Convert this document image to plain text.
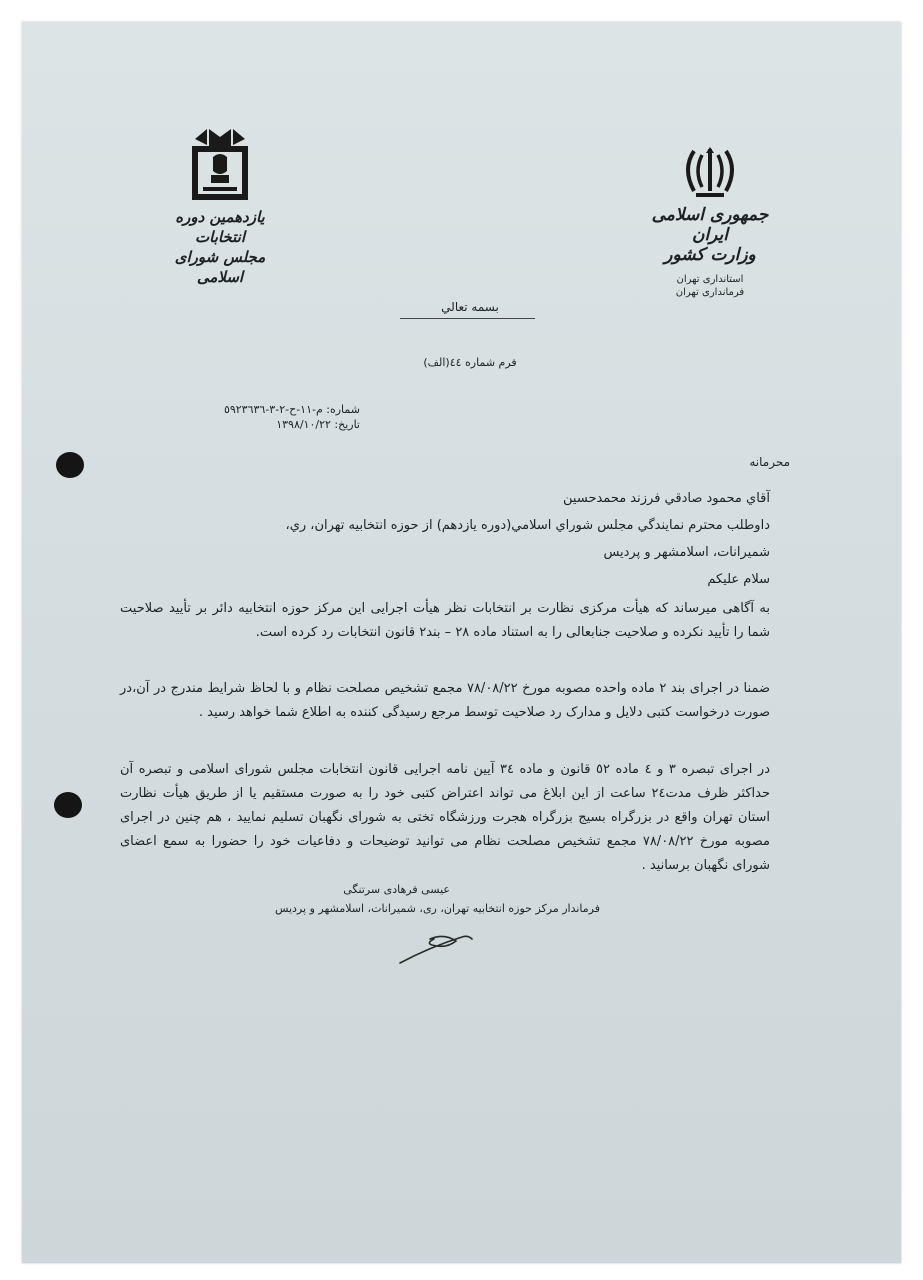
یازدهمین دوره انتخابات
مجلس شورای اسلامی
جمهوری اسلامی ایران
وزارت کشور
استانداری تهران
فرمانداری تهران
بسمه تعالي
فرم شماره ٤٤(الف)
شماره: م-١١-ح-٢-٣-٥٩٢٣٦٣٦
تاریخ: ١٣٩٨/١٠/٢٢
محرمانه
آقاي محمود صادقي فرزند محمدحسين
داوطلب محترم نمايندگي مجلس شوراي اسلامي(دوره يازدهم) از حوزه انتخابيه تهران، ري،
شميرانات، اسلامشهر و پرديس
سلام عليكم
به آگاهی میرساند که هیأت مرکزی نظارت بر انتخابات نظر هیأت اجرایی این مرکز حوزه انتخابیه دائر بر تأیید صلاحیت شما را تأیید نکرده و صلاحیت جنابعالی را به استناد ماده ۲۸ – بند۲ قانون انتخابات رد کرده است.
ضمنا در اجرای بند ۲ ماده واحده مصوبه مورخ ۷۸/۰۸/۲۲ مجمع تشخیص مصلحت نظام و با لحاظ شرایط مندرج در آن،در صورت درخواست کتبی دلایل و مدارک رد صلاحیت توسط مرجع رسیدگی کننده به اطلاع شما خواهد رسید .
در اجرای تبصره ۳ و ٤ ماده ٥٢ قانون و ماده ٣٤ آیین نامه اجرایی قانون انتخابات مجلس شورای اسلامی و تبصره آن حداکثر ظرف مدت٢٤ ساعت از این ابلاغ می تواند اعتراض کتبی خود را به صورت مستقیم یا از طریق هیأت نظارت استان تهران واقع در بزرگراه بسیج بزرگراه هجرت ورزشگاه تختی به شورای نگهبان تسلیم نمایید ، هم چنین در اجرای مصوبه مورخ ۷۸/۰۸/۲۲ مجمع تشخیص مصلحت نظام می توانید توضیحات و دفاعیات خود را حضورا به سمع اعضای شورای نگهبان برسانید .
عیسی فرهادی سرتنگی
فرماندار مرکز حوزه انتخابیه تهران، ری، شمیرانات، اسلامشهر و پردیس
